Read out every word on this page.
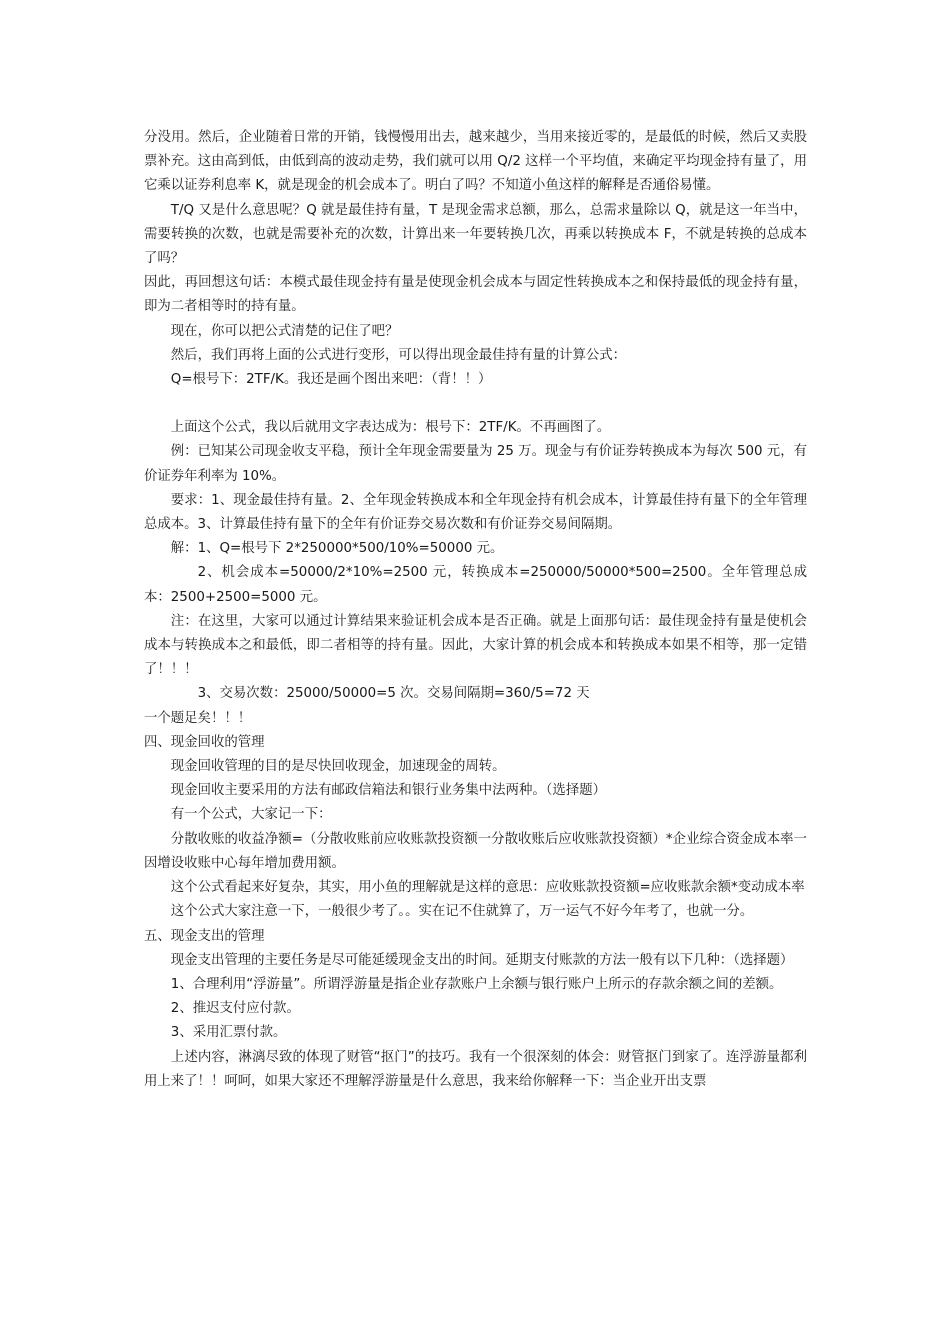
分没用。然后，企业随着日常的开销，钱慢慢用出去，越来越少，当用来接近零的，是最低的时候，然后又卖股票补充。这由高到低，由低到高的波动走势，我们就可以用 Q/2 这样一个平均值，来确定平均现金持有量了，用它乘以证券利息率 K，就是现金的机会成本了。明白了吗？不知道小鱼这样的解释是否通俗易懂。

T/Q 又是什么意思呢？Q 就是最佳持有量，T 是现金需求总额，那么，总需求量除以 Q，就是这一年当中，需要转换的次数，也就是需要补充的次数，计算出来一年要转换几次，再乘以转换成本 F，不就是转换的总成本了吗？

因此，再回想这句话：本模式最佳现金持有量是使现金机会成本与固定性转换成本之和保持最低的现金持有量，即为二者相等时的持有量。

现在，你可以把公式清楚的记住了吧？

然后，我们再将上面的公式进行变形，可以得出现金最佳持有量的计算公式：

Q=根号下：2TF/K。我还是画个图出来吧：（背！！）

上面这个公式，我以后就用文字表达成为：根号下：2TF/K。不再画图了。

例：已知某公司现金收支平稳，预计全年现金需要量为 25 万。现金与有价证券转换成本为每次 500 元，有价证券年利率为 10%。

要求：1、现金最佳持有量。2、全年现金转换成本和全年现金持有机会成本，计算最佳持有量下的全年管理总成本。3、计算最佳持有量下的全年有价证券交易次数和有价证券交易间隔期。

解：1、Q=根号下 2*250000*500/10%=50000 元。

2、机会成本=50000/2*10%=2500 元，转换成本=250000/50000*500=2500。全年管理总成本：2500+2500=5000 元。

注：在这里，大家可以通过计算结果来验证机会成本是否正确。就是上面那句话：最佳现金持有量是使机会成本与转换成本之和最低，即二者相等的持有量。因此，大家计算的机会成本和转换成本如果不相等，那一定错了！！！

3、交易次数：25000/50000=5 次。交易间隔期=360/5=72 天

一个题足矣！！！

四、现金回收的管理

现金回收管理的目的是尽快回收现金，加速现金的周转。

现金回收主要采用的方法有邮政信箱法和银行业务集中法两种。（选择题）

有一个公式，大家记一下：

分散收账的收益净额=（分散收账前应收账款投资额一分散收账后应收账款投资额）*企业综合资金成本率一因增设收账中心每年增加费用额。

这个公式看起来好复杂，其实，用小鱼的理解就是这样的意思：应收账款投资额=应收账款余额*变动成本率

这个公式大家注意一下，一般很少考了。。实在记不住就算了，万一运气不好今年考了，也就一分。

五、现金支出的管理

现金支出管理的主要任务是尽可能延缓现金支出的时间。延期支付账款的方法一般有以下几种：（选择题）

1、合理利用“浮游量”。所谓浮游量是指企业存款账户上余额与银行账户上所示的存款余额之间的差额。

2、推迟支付应付款。

3、采用汇票付款。

上述内容，淋漓尽致的体现了财管“抠门”的技巧。我有一个很深刻的体会：财管抠门到家了。连浮游量都利用上来了！！呵呵，如果大家还不理解浮游量是什么意思，我来给你解释一下：当企业开出支票
